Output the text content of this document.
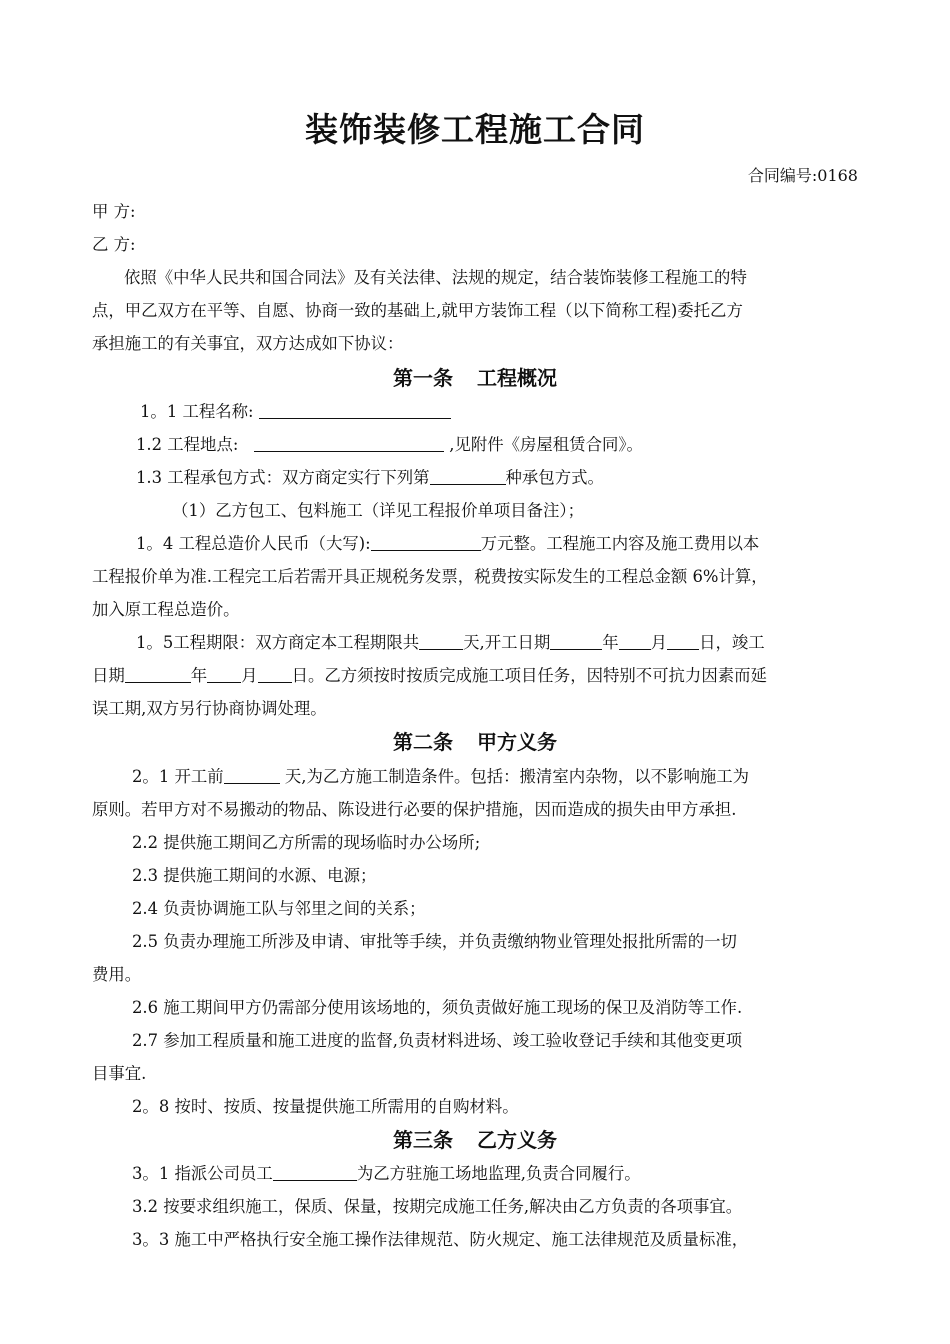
装饰装修工程施工合同
合同编号:0168
甲 方:
乙 方:
依照《中华人民共和国合同法》及有关法律、法规的规定，结合装饰装修工程施工的特
点，甲乙双方在平等、自愿、协商一致的基础上,就甲方装饰工程（以下简称工程)委托乙方
承担施工的有关事宜，双方达成如下协议：
第一条 工程概况
1。1 工程名称:
1.2 工程地点:	,见附件《房屋租赁合同》。
1.3 工程承包方式：双方商定实行下列第	种承包方式。
（1）乙方包工、包料施工（详见工程报价单项目备注）；
1。4 工程总造价人民币（大写):	万元整。工程施工内容及施工费用以本
工程报价单为准.工程完工后若需开具正规税务发票，税费按实际发生的工程总金额 6%计算，
加入原工程总造价。
1。5工程期限：双方商定本工程期限共	天,开工日期	年 月 日，竣工
日期	年 月 日。乙方须按时按质完成施工项目任务，因特别不可抗力因素而延
误工期,双方另行协商协调处理。
第二条 甲方义务
2。1 开工前	天,为乙方施工制造条件。包括：搬清室内杂物，以不影响施工为
原则。若甲方对不易搬动的物品、陈设进行必要的保护措施，因而造成的损失由甲方承担.
2.2 提供施工期间乙方所需的现场临时办公场所;
2.3 提供施工期间的水源、电源；
2.4 负责协调施工队与邻里之间的关系；
2.5 负责办理施工所涉及申请、审批等手续，并负责缴纳物业管理处报批所需的一切
费用。
2.6 施工期间甲方仍需部分使用该场地的，须负责做好施工现场的保卫及消防等工作.
2.7 参加工程质量和施工进度的监督,负责材料进场、竣工验收登记手续和其他变更项
目事宜.
2。8 按时、按质、按量提供施工所需用的自购材料。
第三条 乙方义务
3。1 指派公司员工	为乙方驻施工场地监理,负责合同履行。
3.2 按要求组织施工，保质、保量，按期完成施工任务,解决由乙方负责的各项事宜。
3。3 施工中严格执行安全施工操作法律规范、防火规定、施工法律规范及质量标准，
